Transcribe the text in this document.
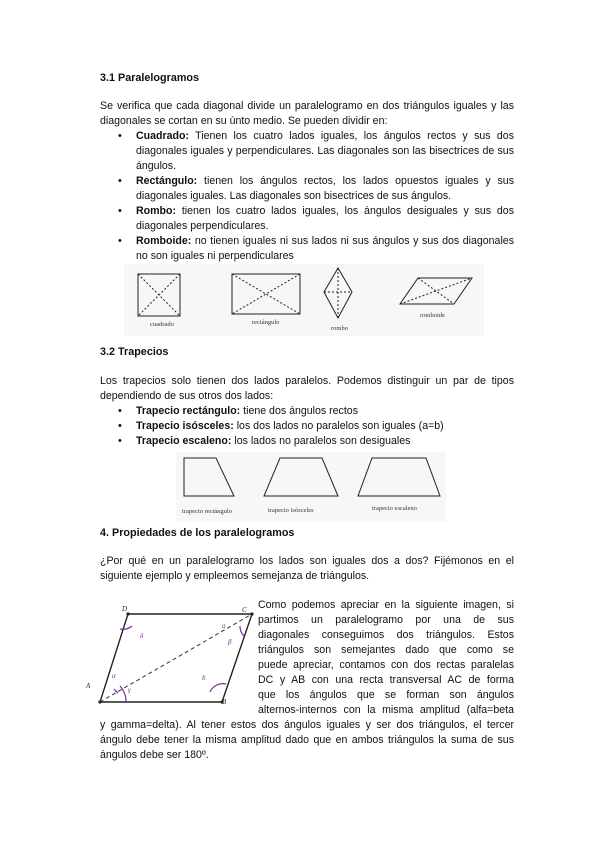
3.1 Paralelogramos
Se verifica que cada diagonal divide un paralelogramo en dos triángulos iguales y las diagonales se cortan en su ùnto medio. Se pueden dividir en:
• Cuadrado: Tienen los cuatro lados iguales, los ángulos rectos y sus dos diagonales iguales y perpendiculares. Las diagonales son las bisectrices de sus ángulos.
• Rectángulo: tienen los ángulos rectos, los lados opuestos iguales y sus diagonales iguales. Las diagonales son bisectrices de sus ángulos.
• Rombo: tienen los cuatro lados iguales, los ángulos desiguales y sus dos diagonales perpendiculares.
• Romboide: no tienen iguales ni sus lados ni sus ángulos y sus dos diagonales no son iguales ni perpendiculares
cuadrado	rectángulo
rombo
romboide
3.2 Trapecios
Los trapecios solo tienen dos lados paralelos. Podemos distinguir un par de tipos dependiendo de sus otros dos lados:
• Trapecio rectángulo: tiene dos ángulos rectos
• Trapecio isósceles: los dos lados no paralelos son iguales (a=b)
• Trapecio escaleno: los lados no paralelos son desiguales
trapecio rectángulo	trapecio isósceles	trapecio escaleno
4. Propiedades de los paralelogramos
¿Por qué en un paralelogramo los lados son iguales dos a dos? Fijémonos en el siguiente ejemplo y empleemos semejanza de triángulos.
A
B
C
D
δ
α
γ
b
β
a
Como podemos apreciar en la siguiente imagen, si
partimos un paralelogramo por una de sus
diagonales conseguimos dos triángulos. Estos
triángulos son semejantes dado que como se
puede apreciar, contamos con dos rectas paralelas
DC y AB con una recta transversal AC de forma
que los ángulos que se forman son ángulos
alternos-internos con la misma amplitud (alfa=beta
y gamma=delta). Al tener estos dos ángulos iguales y ser dos triángulos, el tercer ángulo debe tener la misma amplitud dado que en ambos triángulos la suma de sus ángulos debe ser 180º.
